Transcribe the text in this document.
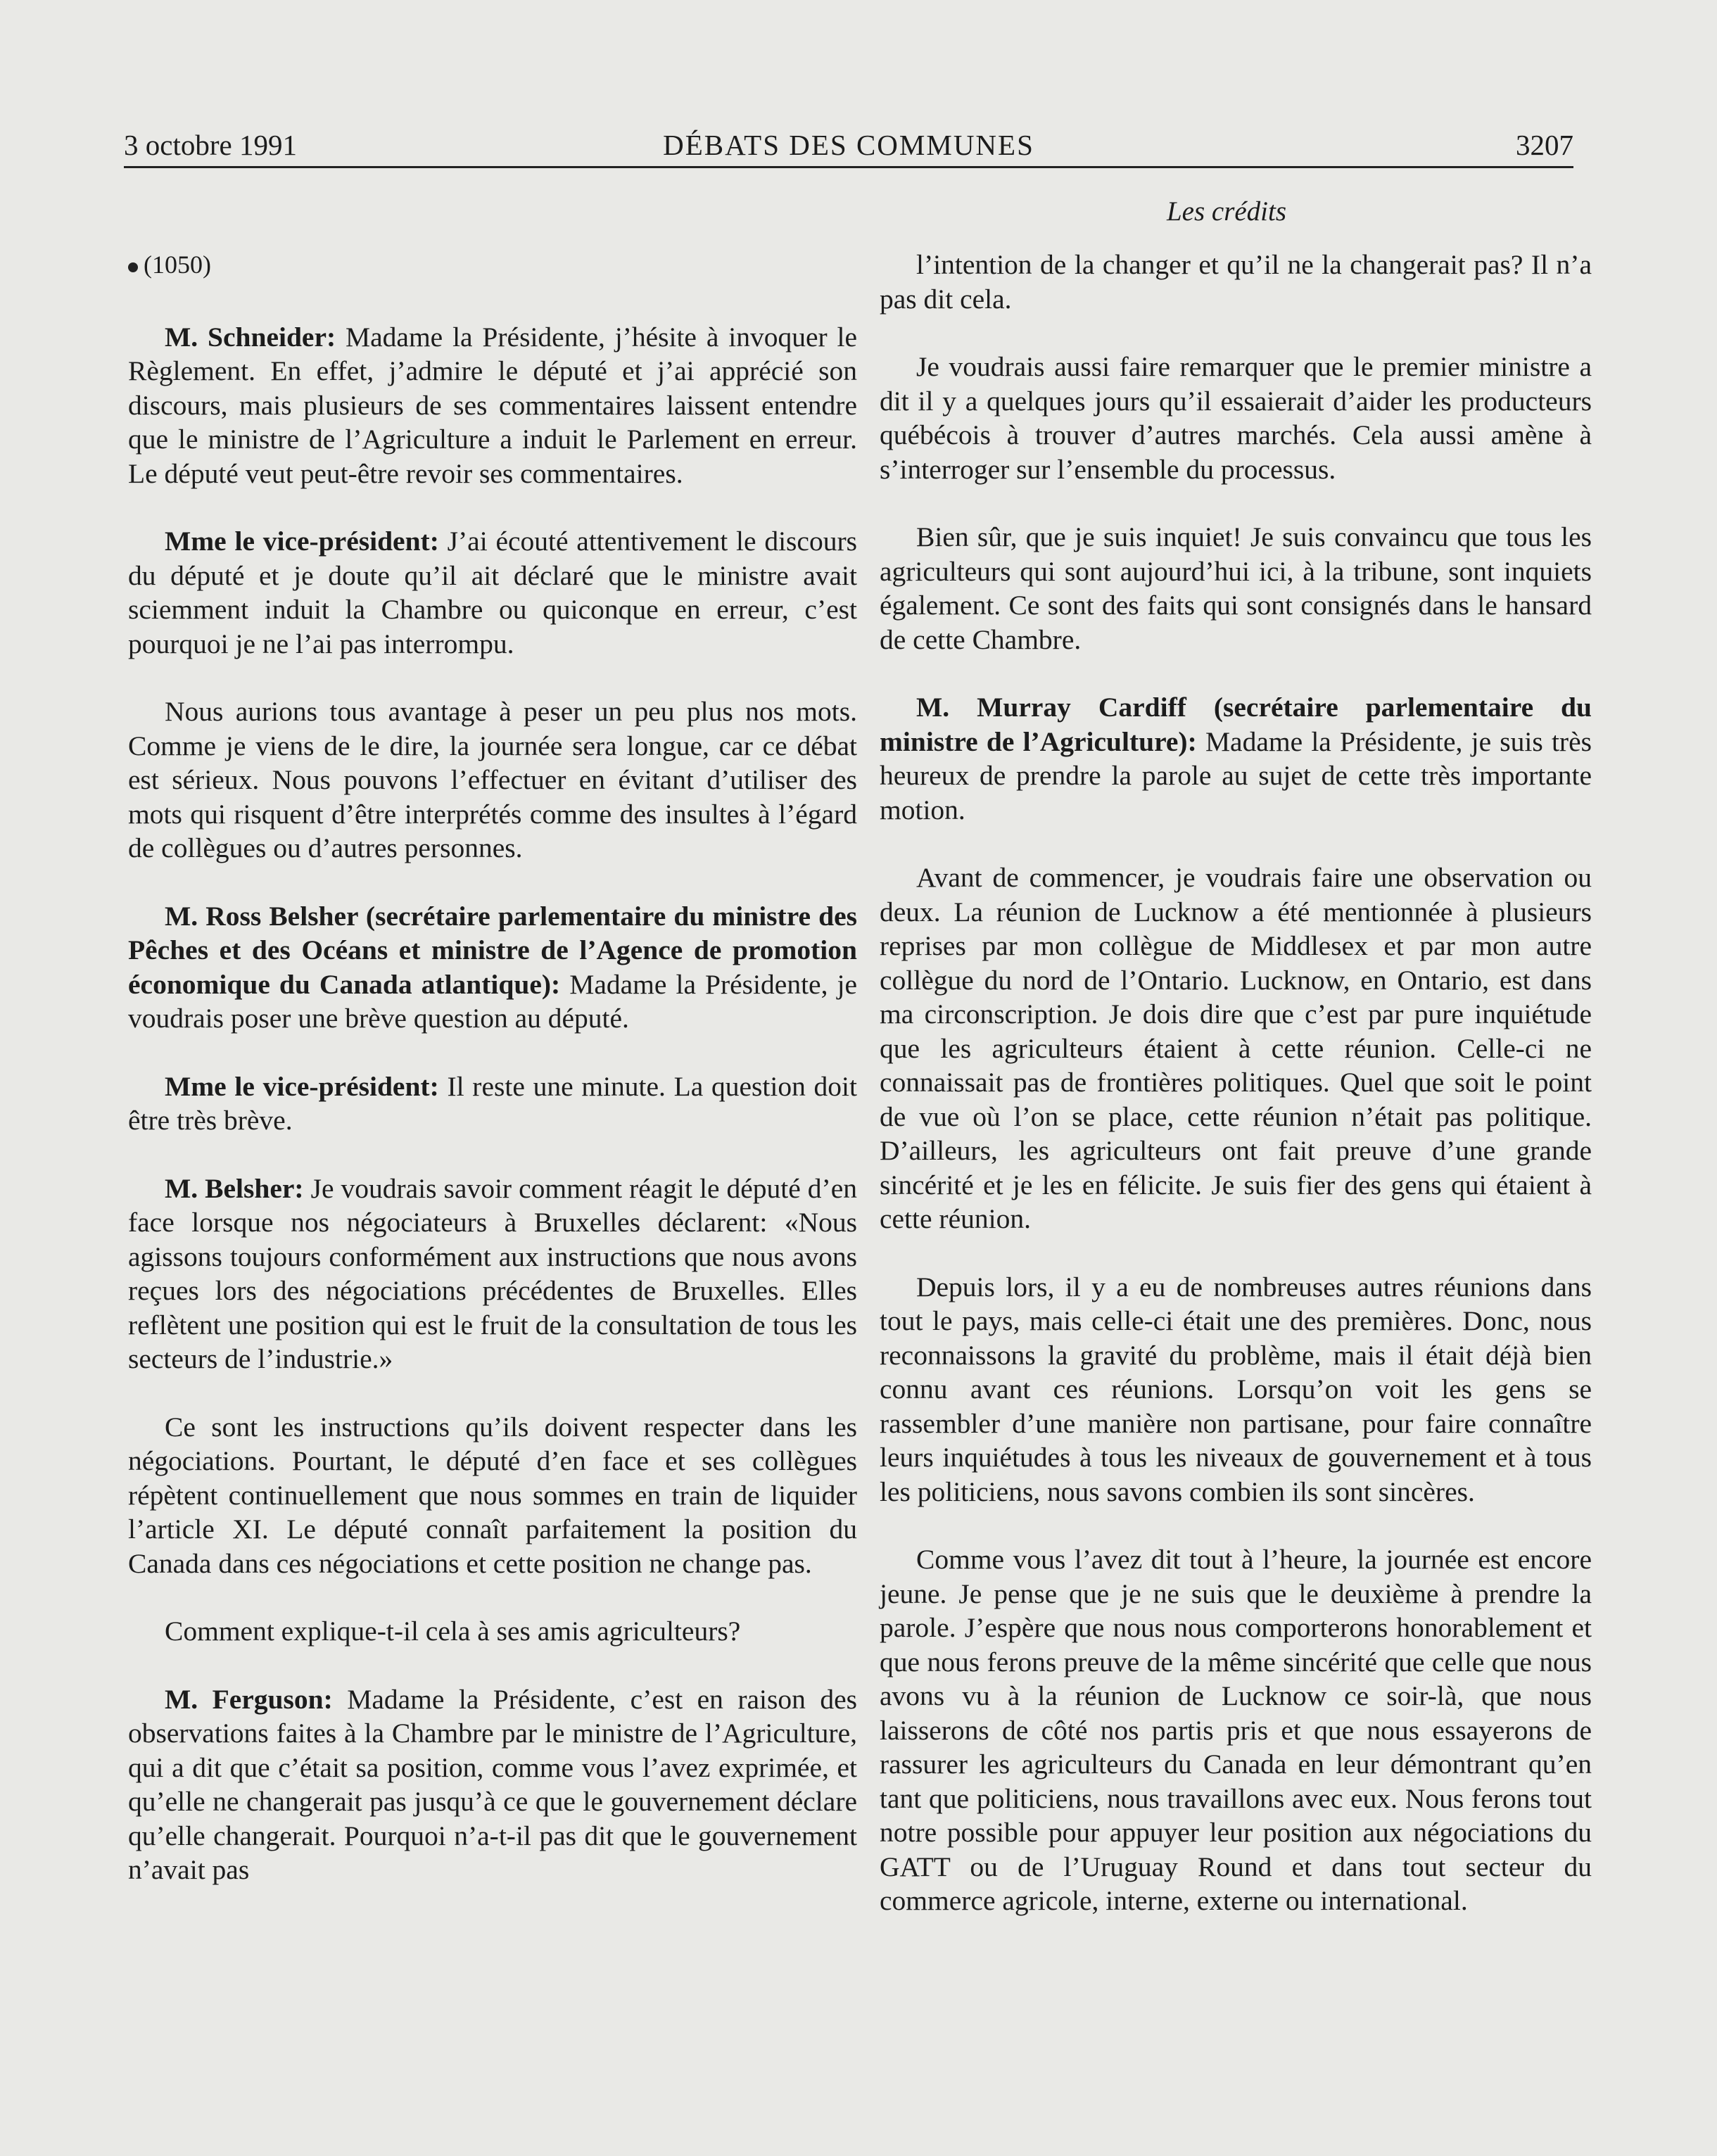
3 octobre 1991	DÉBATS DES COMMUNES	3207
Les crédits

(1050)

M. Schneider: Madame la Présidente, j’hésite à invoquer le Règlement. En effet, j’admire le député et j’ai apprécié son discours, mais plusieurs de ses commentaires laissent entendre que le ministre de l’Agriculture a induit le Parlement en erreur. Le député veut peut-être revoir ses commentaires.

Mme le vice-président: J’ai écouté attentivement le discours du député et je doute qu’il ait déclaré que le ministre avait sciemment induit la Chambre ou quiconque en erreur, c’est pourquoi je ne l’ai pas interrompu.

Nous aurions tous avantage à peser un peu plus nos mots. Comme je viens de le dire, la journée sera longue, car ce débat est sérieux. Nous pouvons l’effectuer en évitant d’utiliser des mots qui risquent d’être interprétés comme des insultes à l’égard de collègues ou d’autres personnes.

M. Ross Belsher (secrétaire parlementaire du ministre des Pêches et des Océans et ministre de l’Agence de promotion économique du Canada atlantique): Madame la Présidente, je voudrais poser une brève question au député.

Mme le vice-président: Il reste une minute. La question doit être très brève.

M. Belsher: Je voudrais savoir comment réagit le député d’en face lorsque nos négociateurs à Bruxelles déclarent: «Nous agissons toujours conformément aux instructions que nous avons reçues lors des négociations précédentes de Bruxelles. Elles reflètent une position qui est le fruit de la consultation de tous les secteurs de l’industrie.»

Ce sont les instructions qu’ils doivent respecter dans les négociations. Pourtant, le député d’en face et ses collègues répètent continuellement que nous sommes en train de liquider l’article XI. Le député connaît parfaitement la position du Canada dans ces négociations et cette position ne change pas.

Comment explique-t-il cela à ses amis agriculteurs?

M. Ferguson: Madame la Présidente, c’est en raison des observations faites à la Chambre par le ministre de l’Agriculture, qui a dit que c’était sa position, comme vous l’avez exprimée, et qu’elle ne changerait pas jusqu’à ce que le gouvernement déclare qu’elle changerait. Pourquoi n’a-t-il pas dit que le gouvernement n’avait pas

l’intention de la changer et qu’il ne la changerait pas? Il n’a pas dit cela.

Je voudrais aussi faire remarquer que le premier ministre a dit il y a quelques jours qu’il essaierait d’aider les producteurs québécois à trouver d’autres marchés. Cela aussi amène à s’interroger sur l’ensemble du processus.

Bien sûr, que je suis inquiet! Je suis convaincu que tous les agriculteurs qui sont aujourd’hui ici, à la tribune, sont inquiets également. Ce sont des faits qui sont consignés dans le hansard de cette Chambre.

M. Murray Cardiff (secrétaire parlementaire du ministre de l’Agriculture): Madame la Présidente, je suis très heureux de prendre la parole au sujet de cette très importante motion.

Avant de commencer, je voudrais faire une observation ou deux. La réunion de Lucknow a été mentionnée à plusieurs reprises par mon collègue de Middlesex et par mon autre collègue du nord de l’Ontario. Lucknow, en Ontario, est dans ma circonscription. Je dois dire que c’est par pure inquiétude que les agriculteurs étaient à cette réunion. Celle-ci ne connaissait pas de frontières politiques. Quel que soit le point de vue où l’on se place, cette réunion n’était pas politique. D’ailleurs, les agriculteurs ont fait preuve d’une grande sincérité et je les en félicite. Je suis fier des gens qui étaient à cette réunion.

Depuis lors, il y a eu de nombreuses autres réunions dans tout le pays, mais celle-ci était une des premières. Donc, nous reconnaissons la gravité du problème, mais il était déjà bien connu avant ces réunions. Lorsqu’on voit les gens se rassembler d’une manière non partisane, pour faire connaître leurs inquiétudes à tous les niveaux de gouvernement et à tous les politiciens, nous savons combien ils sont sincères.

Comme vous l’avez dit tout à l’heure, la journée est encore jeune. Je pense que je ne suis que le deuxième à prendre la parole. J’espère que nous nous comporterons honorablement et que nous ferons preuve de la même sincérité que celle que nous avons vu à la réunion de Lucknow ce soir-là, que nous laisserons de côté nos partis pris et que nous essayerons de rassurer les agriculteurs du Canada en leur démontrant qu’en tant que politiciens, nous travaillons avec eux. Nous ferons tout notre possible pour appuyer leur position aux négociations du GATT ou de l’Uruguay Round et dans tout secteur du commerce agricole, interne, externe ou international.
